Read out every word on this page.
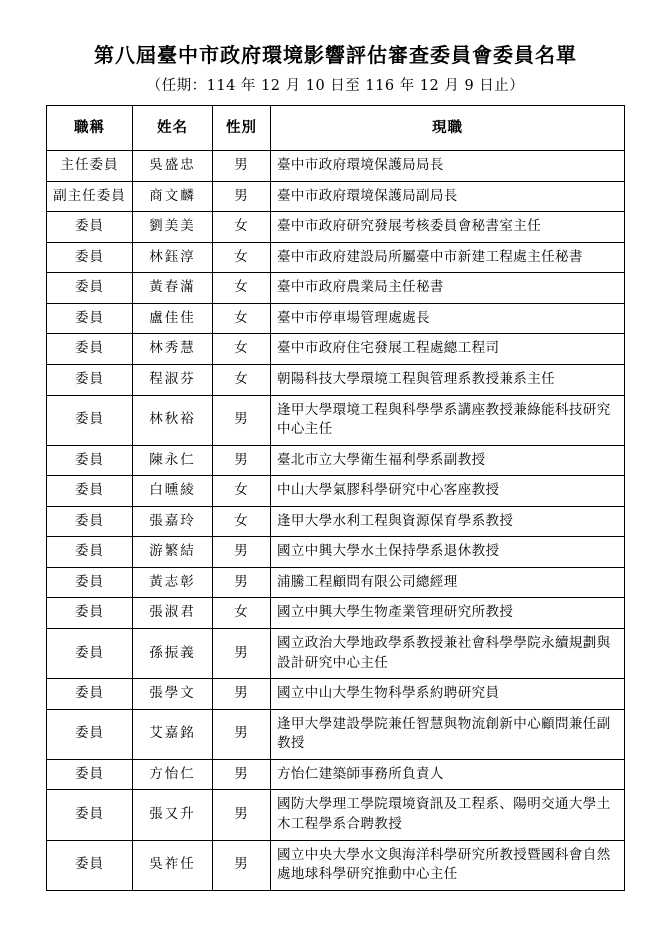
第八屆臺中市政府環境影響評估審查委員會委員名單
（任期：114 年 12 月 10 日至 116 年 12 月 9 日止）
職稱	姓名	性別	現職
主任委員	吳盛忠	男	臺中市政府環境保護局局長
副主任委員	商文麟	男	臺中市政府環境保護局副局長
委員	劉美美	女	臺中市政府研究發展考核委員會秘書室主任
委員	林鈺淳	女	臺中市政府建設局所屬臺中市新建工程處主任秘書
委員	黃春滿	女	臺中市政府農業局主任秘書
委員	盧佳佳	女	臺中市停車場管理處處長
委員	林秀慧	女	臺中市政府住宅發展工程處總工程司
委員	程淑芬	女	朝陽科技大學環境工程與管理系教授兼系主任
委員	林秋裕	男	逢甲大學環境工程與科學學系講座教授兼綠能科技研究中心主任
委員	陳永仁	男	臺北市立大學衛生福利學系副教授
委員	白曛綾	女	中山大學氣膠科學研究中心客座教授
委員	張嘉玲	女	逢甲大學水利工程與資源保育學系教授
委員	游繁結	男	國立中興大學水土保持學系退休教授
委員	黃志彰	男	浦騰工程顧問有限公司總經理
委員	張淑君	女	國立中興大學生物產業管理研究所教授
委員	孫振義	男	國立政治大學地政學系教授兼社會科學學院永續規劃與設計研究中心主任
委員	張學文	男	國立中山大學生物科學系約聘研究員
委員	艾嘉銘	男	逢甲大學建設學院兼任智慧與物流創新中心顧問兼任副教授
委員	方怡仁	男	方怡仁建築師事務所負責人
委員	張又升	男	國防大學理工學院環境資訊及工程系、陽明交通大學土木工程學系合聘教授
委員	吳祚任	男	國立中央大學水文與海洋科學研究所教授暨國科會自然處地球科學研究推動中心主任
